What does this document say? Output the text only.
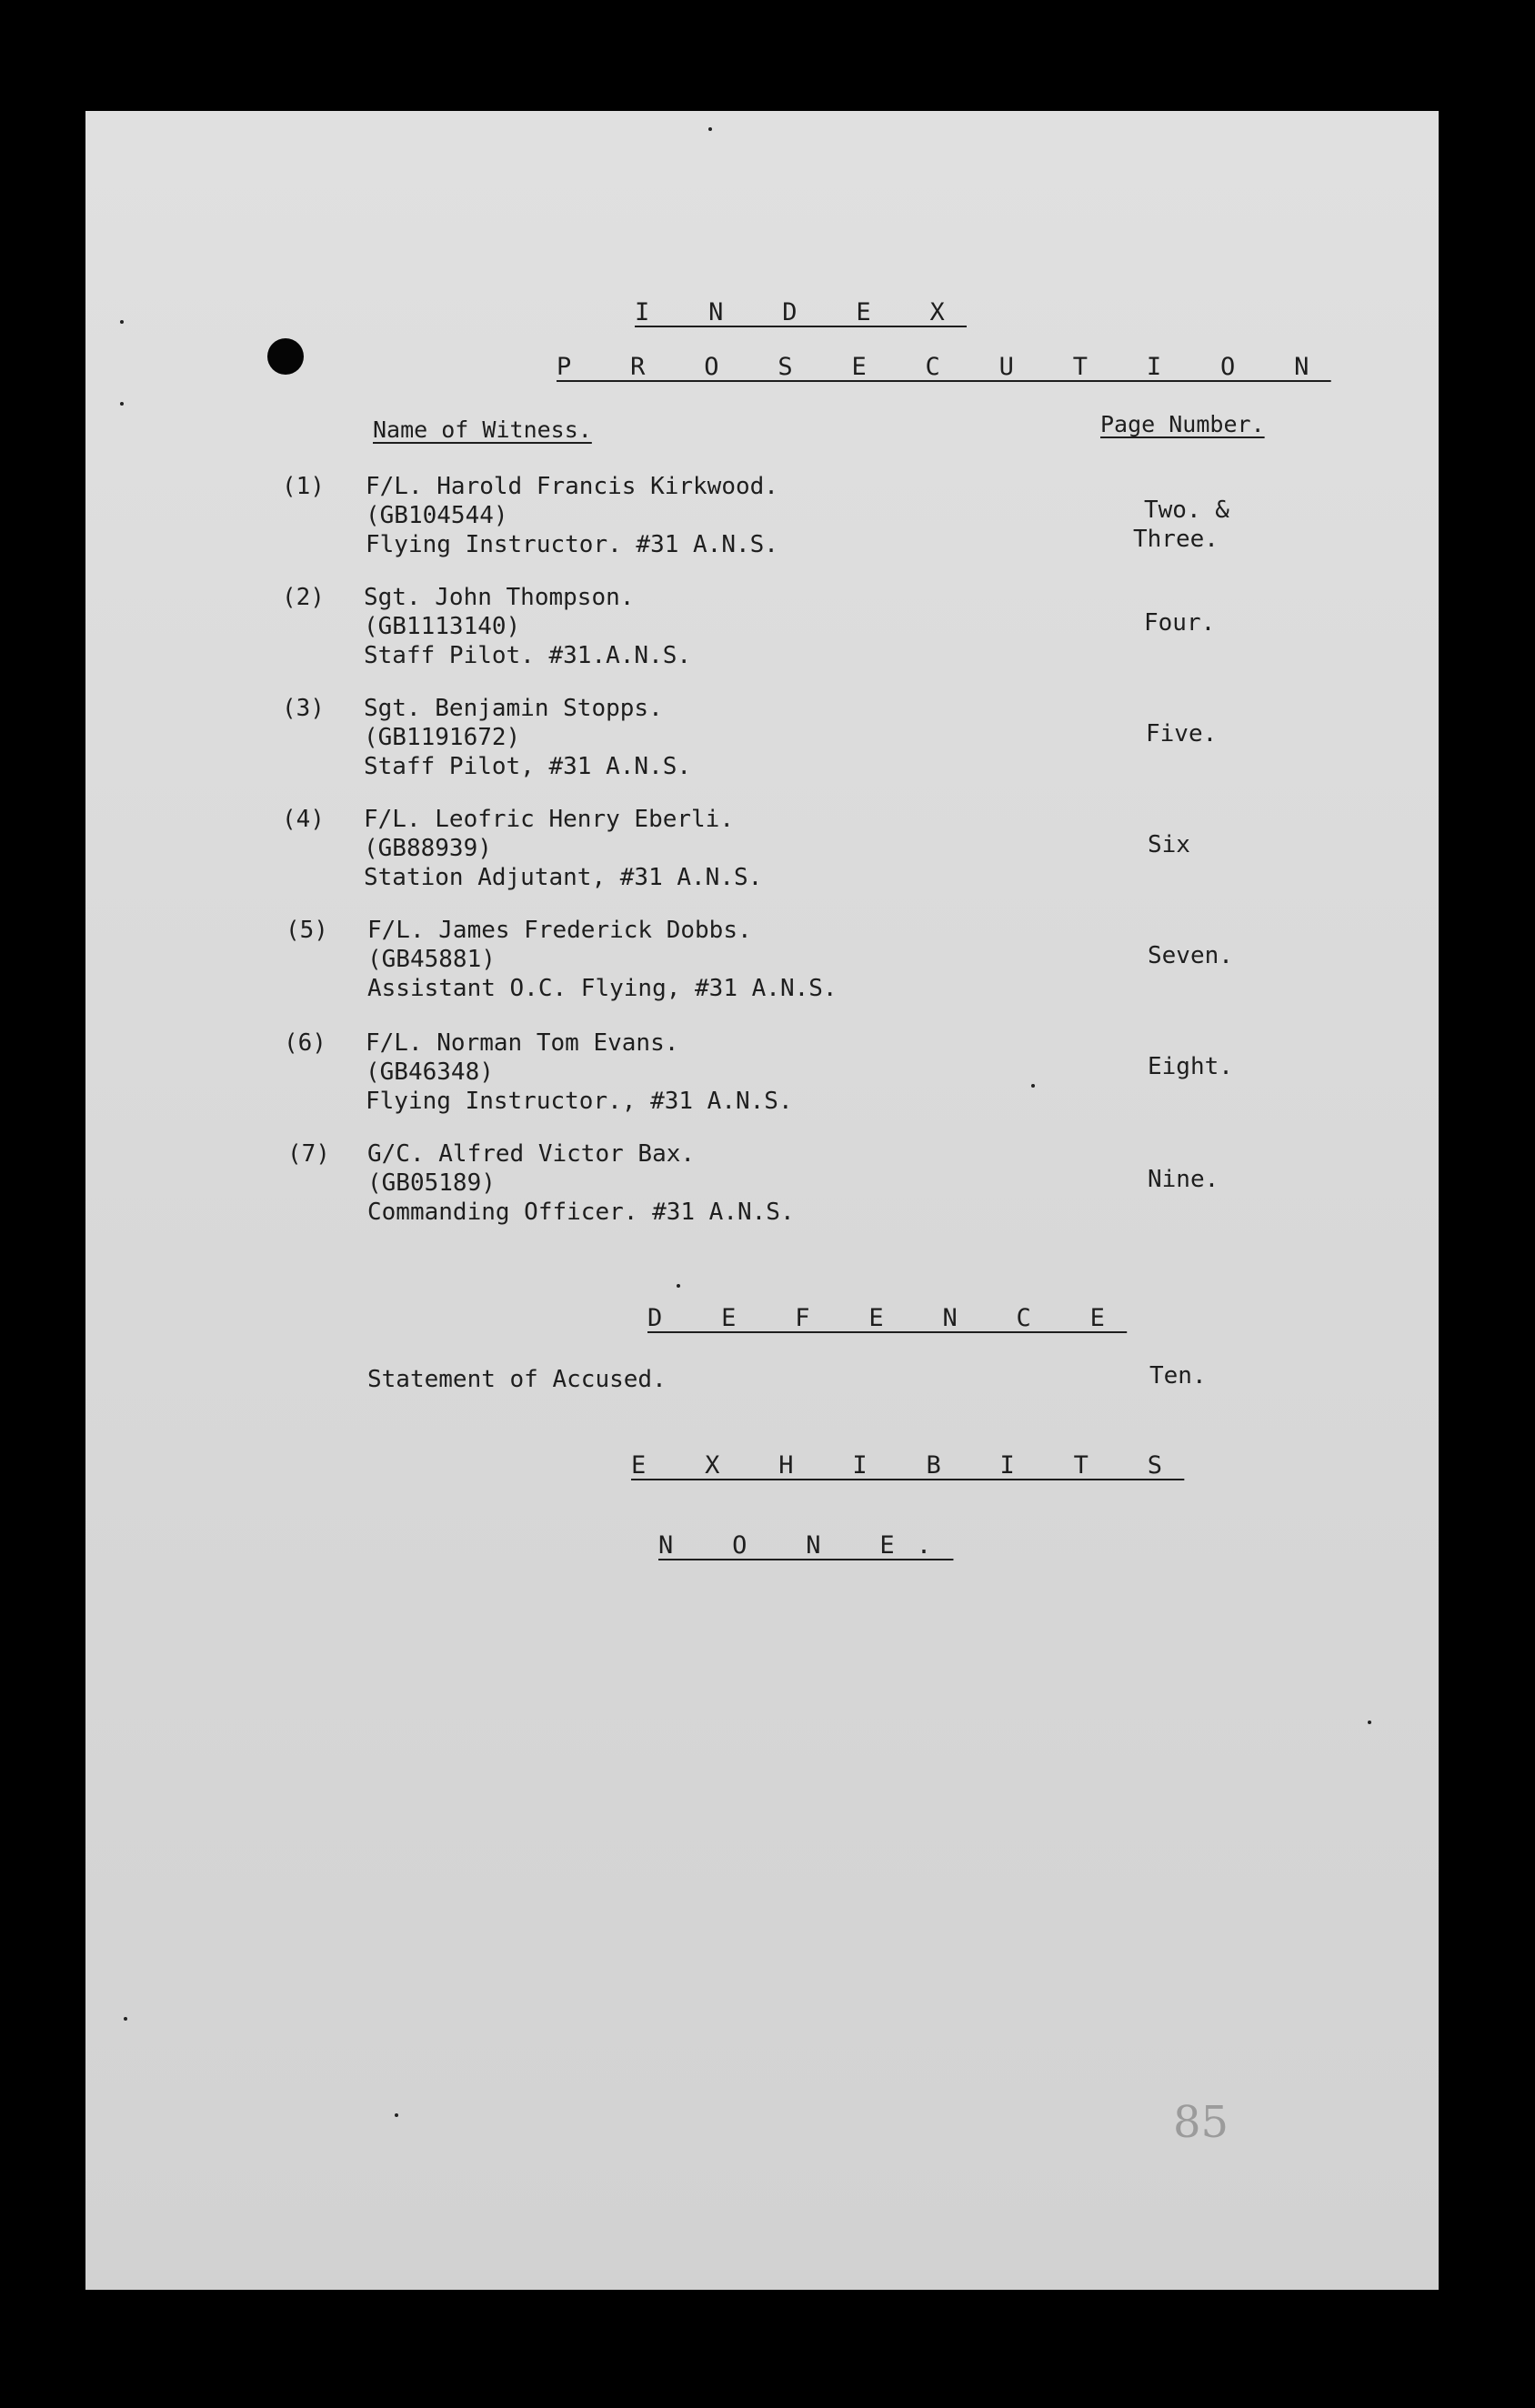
I N D E X
P R O S E C U T I O N
Name of Witness.	Page Number.
(1) F/L. Harold Francis Kirkwood.
(GB104544)
Flying Instructor. #31 A.N.S.
Two. &
Three.
(2) Sgt. John Thompson.
(GB1113140)
Staff Pilot. #31.A.N.S.
Four.
(3) Sgt. Benjamin Stopps.
(GB1191672)
Staff Pilot, #31 A.N.S.
Five.
(4) F/L. Leofric Henry Eberli.
(GB88939)
Station Adjutant, #31 A.N.S.
Six
(5) F/L. James Frederick Dobbs.
(GB45881)
Assistant O.C. Flying, #31 A.N.S.
Seven.
(6) F/L. Norman Tom Evans.
(GB46348)
Flying Instructor., #31 A.N.S.
Eight.
(7) G/C. Alfred Victor Bax.
(GB05189)
Commanding Officer. #31 A.N.S.
Nine.
D E F E N C E
Statement of Accused.	Ten.
E X H I B I T S
N O N E.
85
